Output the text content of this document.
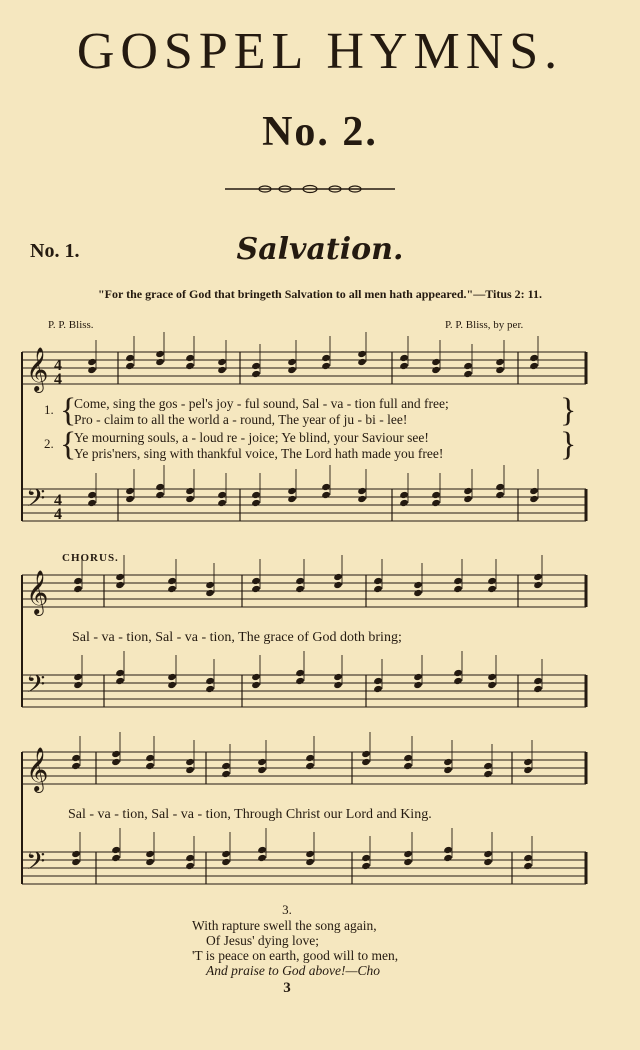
GOSPEL HYMNS.
No. 2.
No. 1.	Salvation.
"For the grace of God that bringeth Salvation to all men hath appeared."—Titus 2: 11.
P. P. Bliss.	P. P. Bliss, by per.
𝄞
𝄢
4
4
4
4
𝄞
𝄢
𝄞
𝄢
1. Come, sing the gos - pel's joy - ful sound, Sal - va - tion full and free;
Pro - claim to all the world a - round, The year of ju - bi - lee!
2. Ye mourning souls, a - loud re - joice; Ye blind, your Saviour see!
Ye pris'ners, sing with thankful voice, The Lord hath made you free!
{
{
}
}
CHORUS.
Sal - va - tion, Sal - va - tion, The grace of God doth bring;
Sal - va - tion, Sal - va - tion, Through Christ our Lord and King.
3.
With rapture swell the song again,
Of Jesus' dying love;
'T is peace on earth, good will to men,
And praise to God above!—Cho
3
